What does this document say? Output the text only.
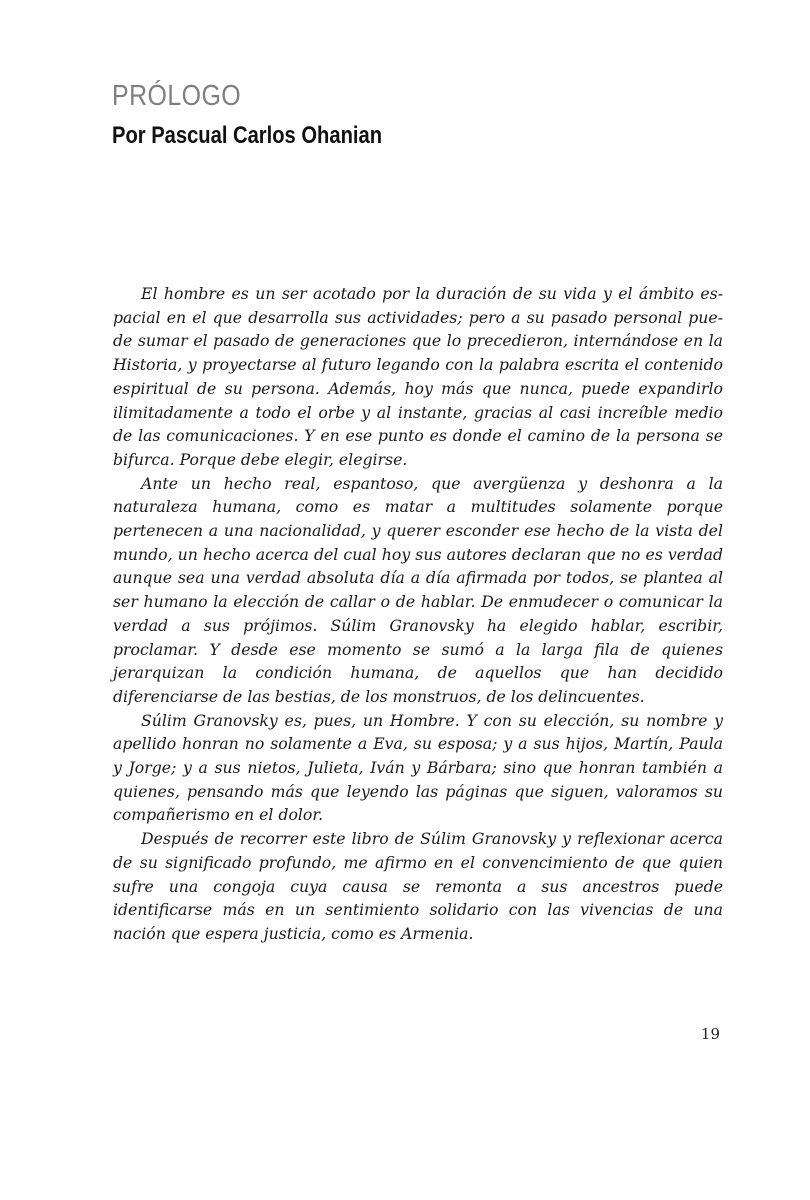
PRÓLOGO
Por Pascual Carlos Ohanian

El hombre es un ser acotado por la duración de su vida y el ámbito espacial en el que desarrolla sus actividades; pero a su pasado personal puede sumar el pasado de generaciones que lo precedieron, internándose en la Historia, y proyectarse al futuro legando con la palabra escrita el contenido espiritual de su persona. Además, hoy más que nunca, puede expandirlo ilimitadamente a todo el orbe y al instante, gracias al casi increíble medio de las comunicaciones. Y en ese punto es donde el camino de la persona se bifurca. Porque debe elegir, elegirse.

Ante un hecho real, espantoso, que avergüenza y deshonra a la naturaleza humana, como es matar a multitudes solamente porque pertenecen a una nacionalidad, y querer esconder ese hecho de la vista del mundo, un hecho acerca del cual hoy sus autores declaran que no es verdad aunque sea una verdad absoluta día a día afirmada por todos, se plantea al ser humano la elección de callar o de hablar. De enmudecer o comunicar la verdad a sus prójimos. Súlim Granovsky ha elegido hablar, escribir, proclamar. Y desde ese momento se sumó a la larga fila de quienes jerarquizan la condición humana, de aquellos que han decidido diferenciarse de las bestias, de los monstruos, de los delincuentes.

Súlim Granovsky es, pues, un Hombre. Y con su elección, su nombre y apellido honran no solamente a Eva, su esposa; y a sus hijos, Martín, Paula y Jorge; y a sus nietos, Julieta, Iván y Bárbara; sino que honran también a quienes, pensando más que leyendo las páginas que siguen, valoramos su compañerismo en el dolor.

Después de recorrer este libro de Súlim Granovsky y reflexionar acerca de su significado profundo, me afirmo en el convencimiento de que quien sufre una congoja cuya causa se remonta a sus ancestros puede identificarse más en un sentimiento solidario con las vivencias de una nación que espera justicia, como es Armenia.

19
